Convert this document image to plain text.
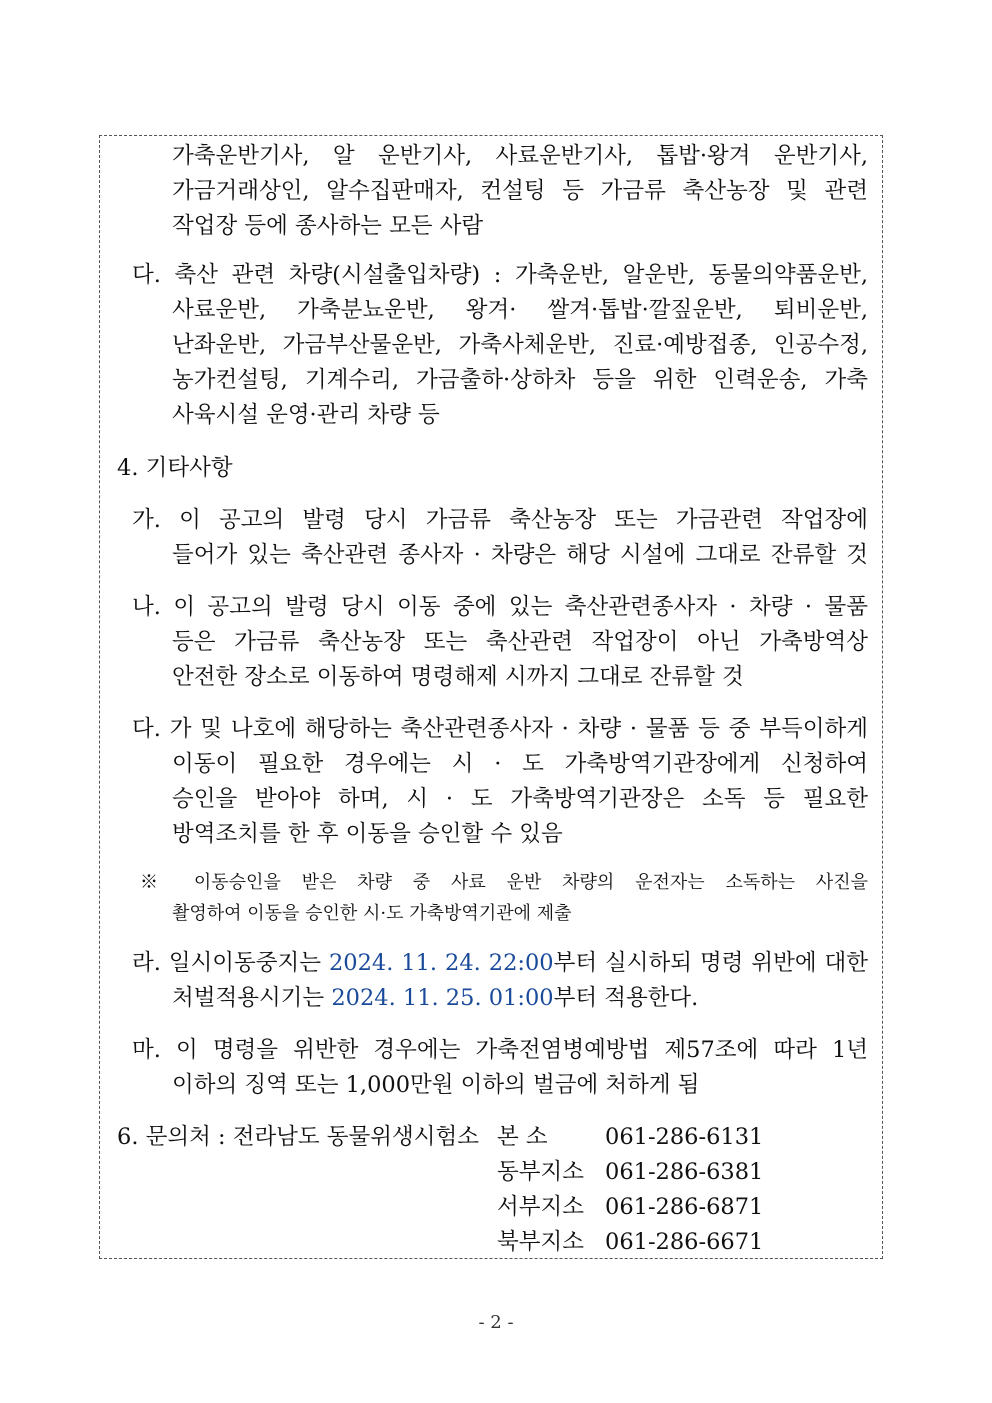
가축운반기사, 알 운반기사, 사료운반기사, 톱밥·왕겨 운반기사,
가금거래상인, 알수집판매자, 컨설팅 등 가금류 축산농장 및 관련
작업장 등에 종사하는 모든 사람
다. 축산 관련 차량(시설출입차량) : 가축운반, 알운반, 동물의약품운반,
사료운반, 가축분뇨운반, 왕겨· 쌀겨·톱밥·깔짚운반, 퇴비운반,
난좌운반, 가금부산물운반, 가축사체운반, 진료·예방접종, 인공수정,
농가컨설팅, 기계수리, 가금출하·상하차 등을 위한 인력운송, 가축
사육시설 운영·관리 차량 등
4. 기타사항
가. 이 공고의 발령 당시 가금류 축산농장 또는 가금관련 작업장에
들어가 있는 축산관련 종사자 · 차량은 해당 시설에 그대로 잔류할 것
나. 이 공고의 발령 당시 이동 중에 있는 축산관련종사자 · 차량 · 물품
등은 가금류 축산농장 또는 축산관련 작업장이 아닌 가축방역상
안전한 장소로 이동하여 명령해제 시까지 그대로 잔류할 것
다. 가 및 나호에 해당하는 축산관련종사자 · 차량 · 물품 등 중 부득이하게
이동이 필요한 경우에는 시 · 도 가축방역기관장에게 신청하여
승인을 받아야 하며, 시 · 도 가축방역기관장은 소독 등 필요한
방역조치를 한 후 이동을 승인할 수 있음
※ 이동승인을 받은 차량 중 사료 운반 차량의 운전자는 소독하는 사진을
촬영하여 이동을 승인한 시·도 가축방역기관에 제출
라. 일시이동중지는 2024. 11. 24. 22:00부터 실시하되 명령 위반에 대한
처벌적용시기는 2024. 11. 25. 01:00부터 적용한다.
마. 이 명령을 위반한 경우에는 가축전염병예방법 제57조에 따라 1년
이하의 징역 또는 1,000만원 이하의 벌금에 처하게 됨
6. 문의처 : 전라남도 동물위생시험소 본 소	061-286-6131
동부지소 061-286-6381
서부지소 061-286-6871
북부지소 061-286-6671
- 2 -
